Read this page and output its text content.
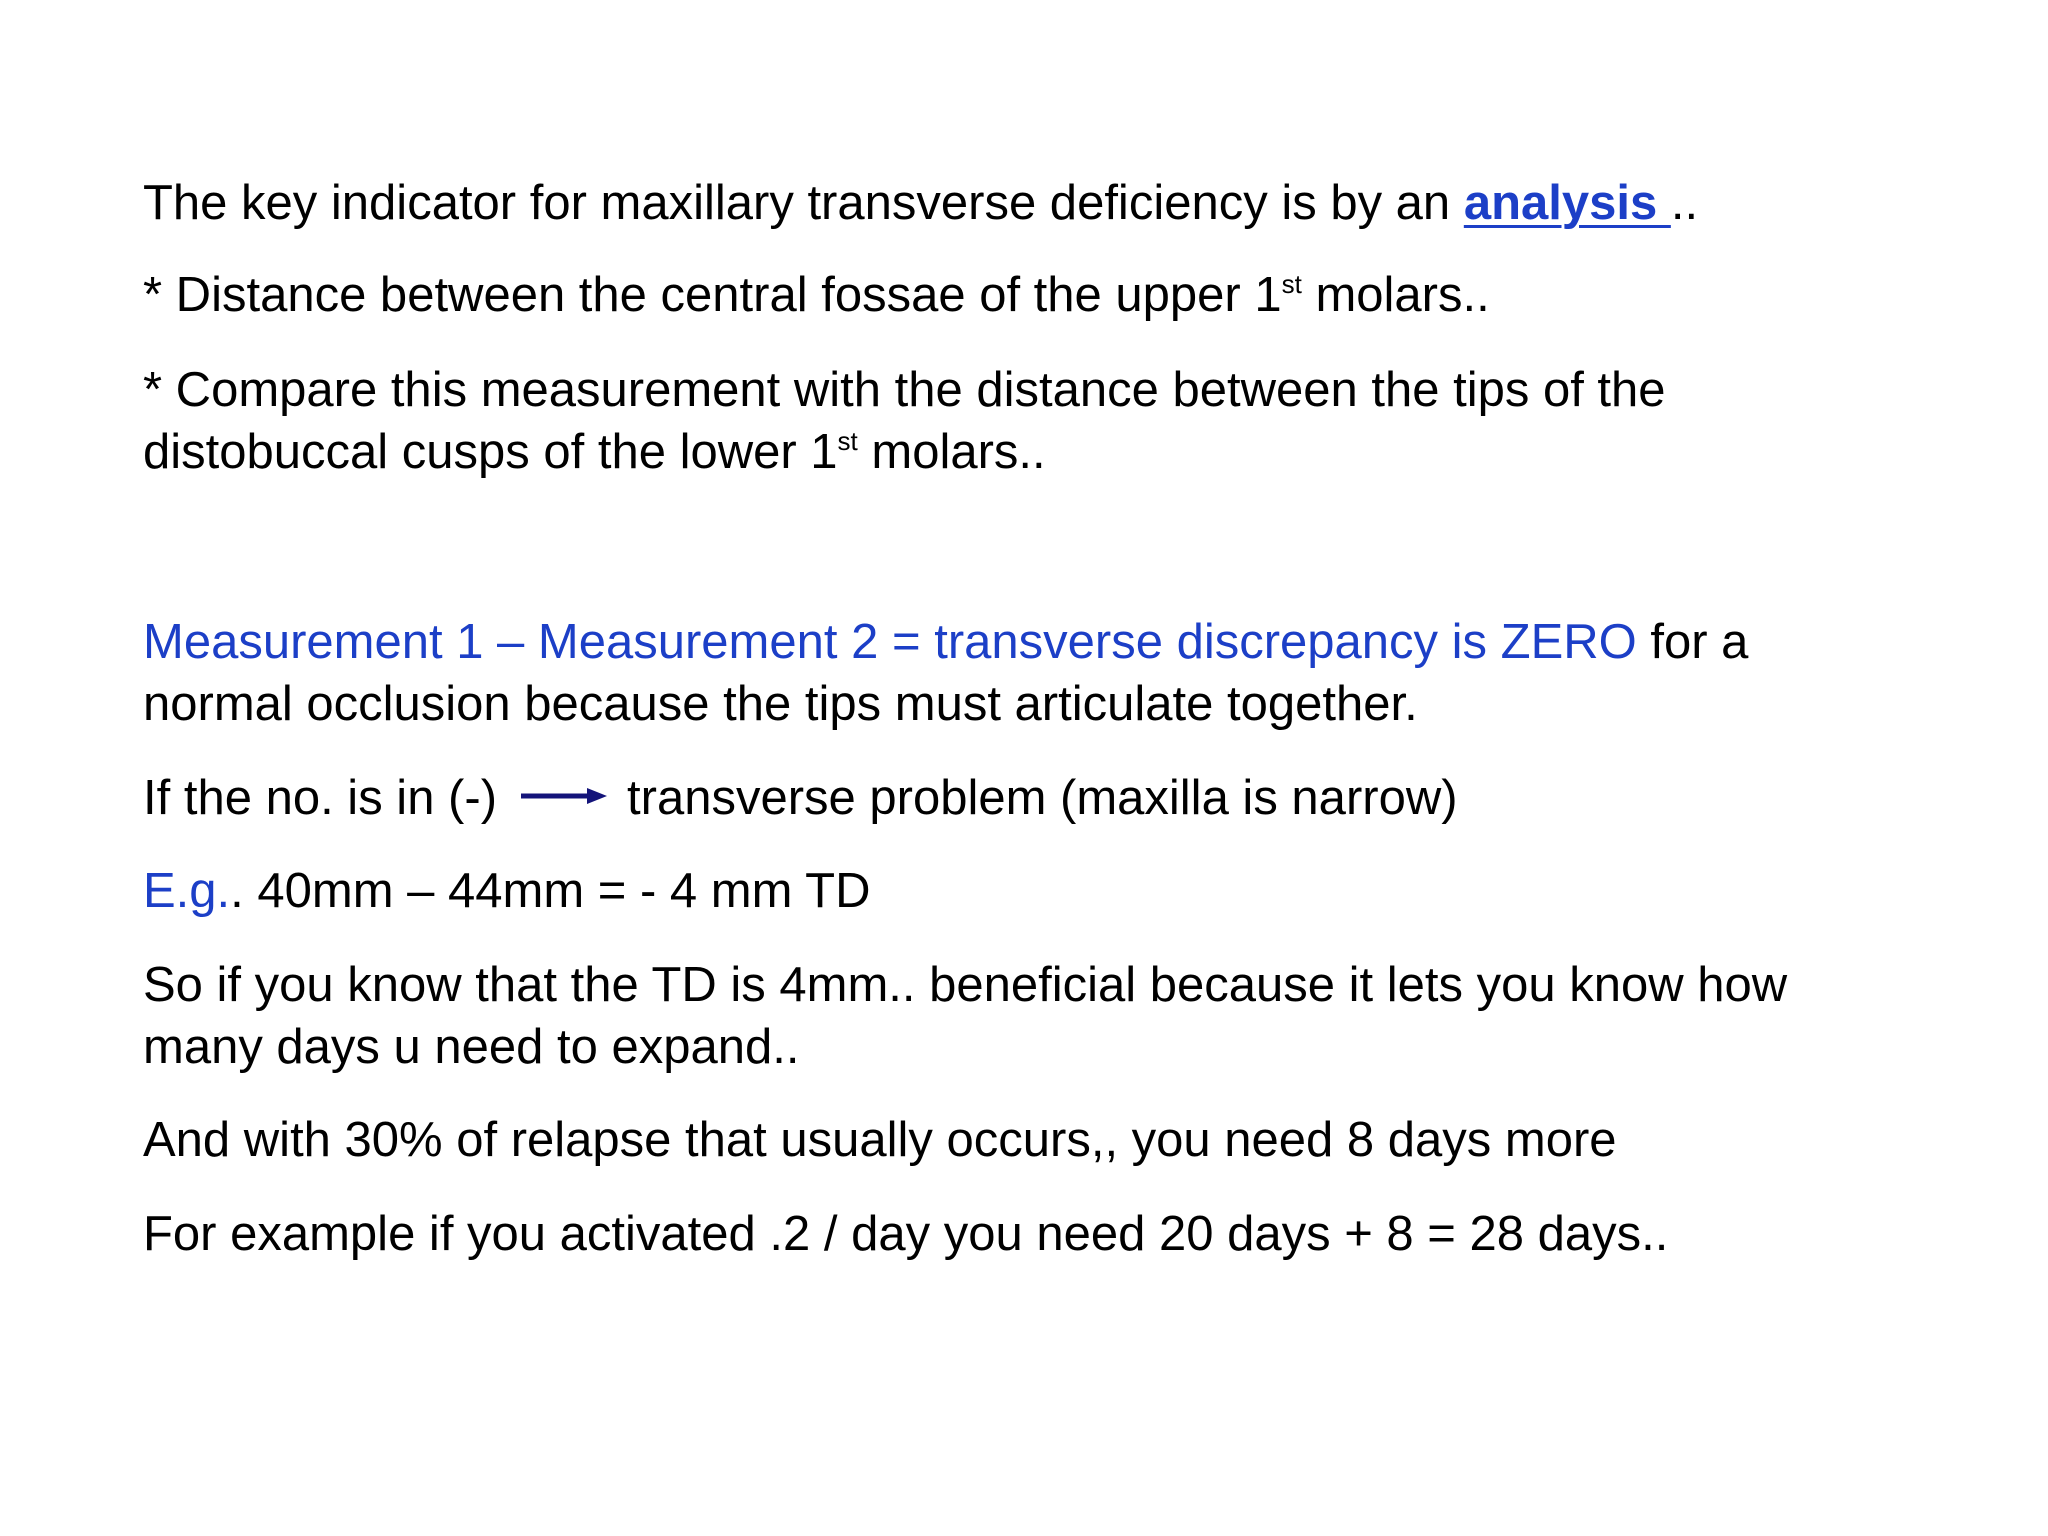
The key indicator for maxillary transverse deficiency is by an analysis ..

* Distance between the central fossae of the upper 1st molars..

* Compare this measurement with the distance between the tips of the

distobuccal cusps of the lower 1st molars..

Measurement 1 – Measurement 2 = transverse discrepancy is ZERO for a

normal occlusion because the tips must articulate together.

If the no. is in (-)	transverse problem (maxilla is narrow)

E.g.. 40mm – 44mm = - 4 mm TD

So if you know that the TD is 4mm.. beneficial because it lets you know how

many days u need to expand..

And with 30% of relapse that usually occurs,, you need 8 days more

For example if you activated .2 / day you need 20 days + 8 = 28 days..
